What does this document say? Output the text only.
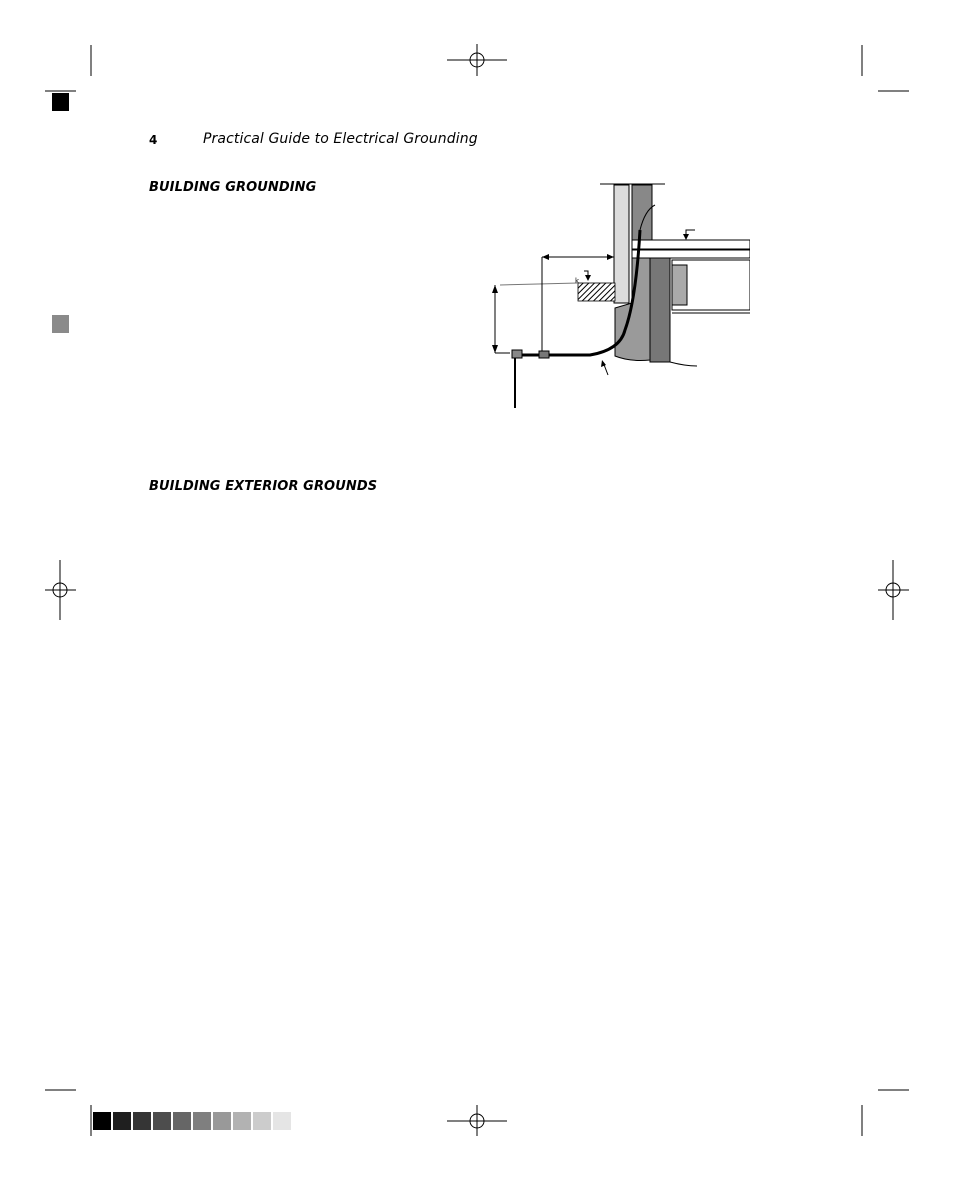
4	Practical Guide to Electrical Grounding
BUILDING GROUNDING
BUILDING EXTERIOR GROUNDS
k
